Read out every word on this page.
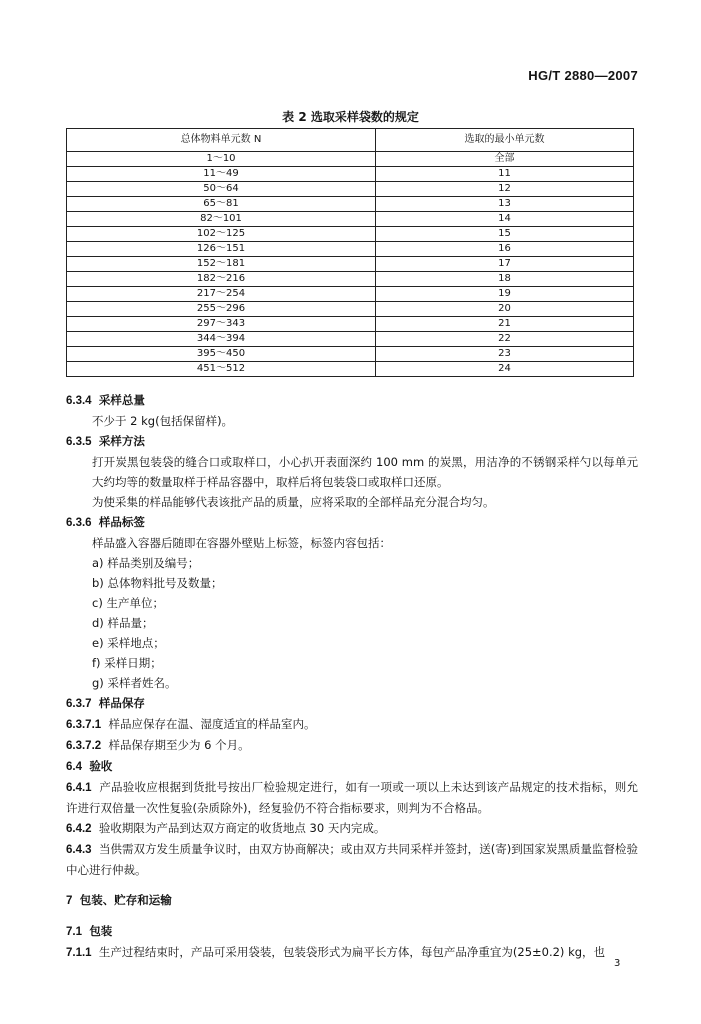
HG/T 2880—2007
表 2 选取采样袋数的规定
总体物料单元数 N	选取的最小单元数
1～10	全部
11～49	11
50～64	12
65～81	13
82～101	14
102～125	15
126～151	16
152～181	17
182～216	18
217～254	19
255～296	20
297～343	21
344～394	22
395～450	23
451～512	24

6.3.4 采样总量

不少于 2 kg(包括保留样)。

6.3.5 采样方法

打开炭黑包装袋的缝合口或取样口，小心扒开表面深约 100 mm 的炭黑，用洁净的不锈钢采样勺以每单元大约均等的数量取样于样品容器中，取样后将包装袋口或取样口还原。

为使采集的样品能够代表该批产品的质量，应将采取的全部样品充分混合均匀。

6.3.6 样品标签

样品盛入容器后随即在容器外壁贴上标签，标签内容包括：

a) 样品类别及编号；

b) 总体物料批号及数量；

c) 生产单位；

d) 样品量；

e) 采样地点；

f) 采样日期；

g) 采样者姓名。

6.3.7 样品保存

6.3.7.1 样品应保存在温、湿度适宜的样品室内。

6.3.7.2 样品保存期至少为 6 个月。

6.4 验收

6.4.1 产品验收应根据到货批号按出厂检验规定进行，如有一项或一项以上未达到该产品规定的技术指标，则允许进行双倍量一次性复验(杂质除外)，经复验仍不符合指标要求，则判为不合格品。

6.4.2 验收期限为产品到达双方商定的收货地点 30 天内完成。

6.4.3 当供需双方发生质量争议时，由双方协商解决；或由双方共同采样并签封，送(寄)到国家炭黑质量监督检验中心进行仲裁。

7 包装、贮存和运输

7.1 包装

7.1.1 生产过程结束时，产品可采用袋装，包装袋形式为扁平长方体，每包产品净重宜为(25±0.2) kg，也

3
